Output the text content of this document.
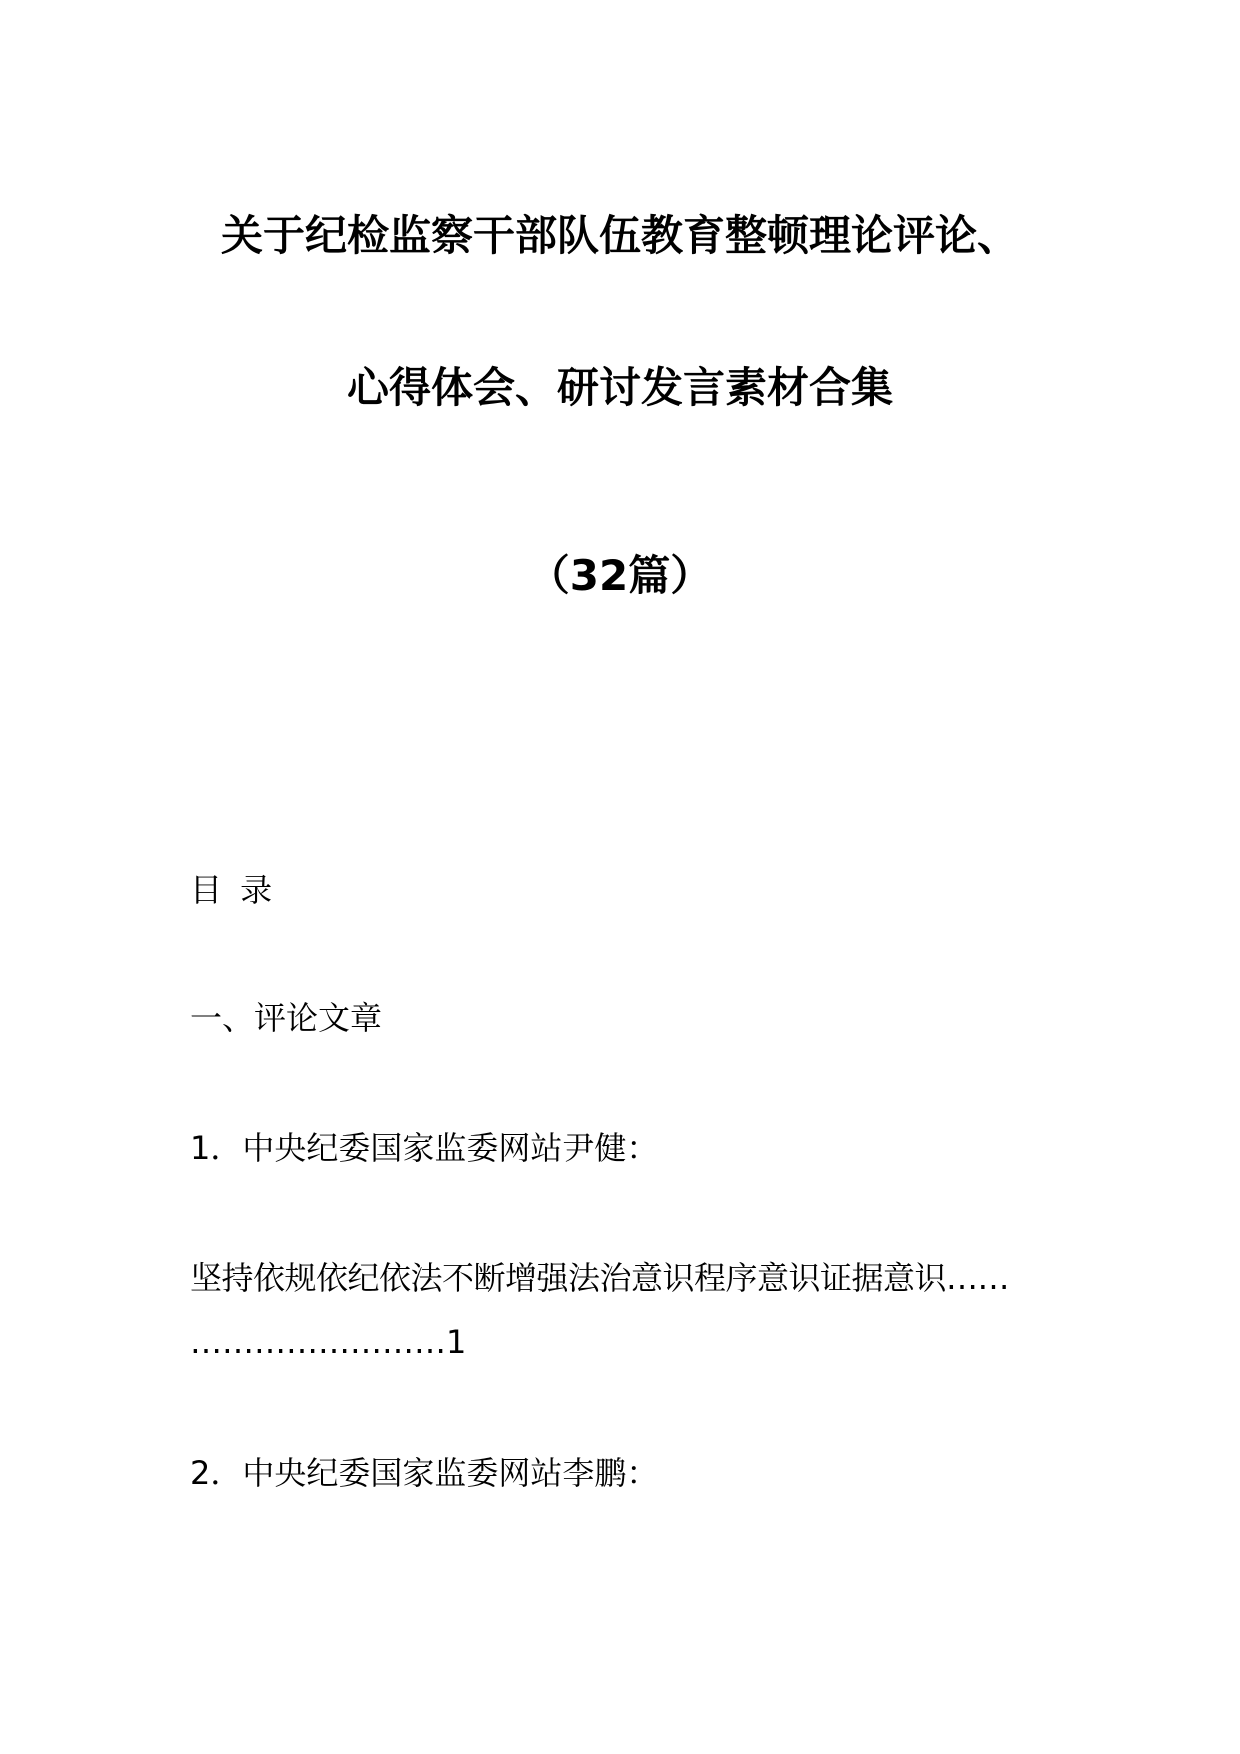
关于纪检监察干部队伍教育整顿理论评论、
心得体会、研讨发言素材合集
（32篇）
目 录
一、评论文章
1．中央纪委国家监委网站尹健：
坚持依规依纪依法不断增强法治意识程序意识证据意识……
……………………1
2．中央纪委国家监委网站李鹏：
